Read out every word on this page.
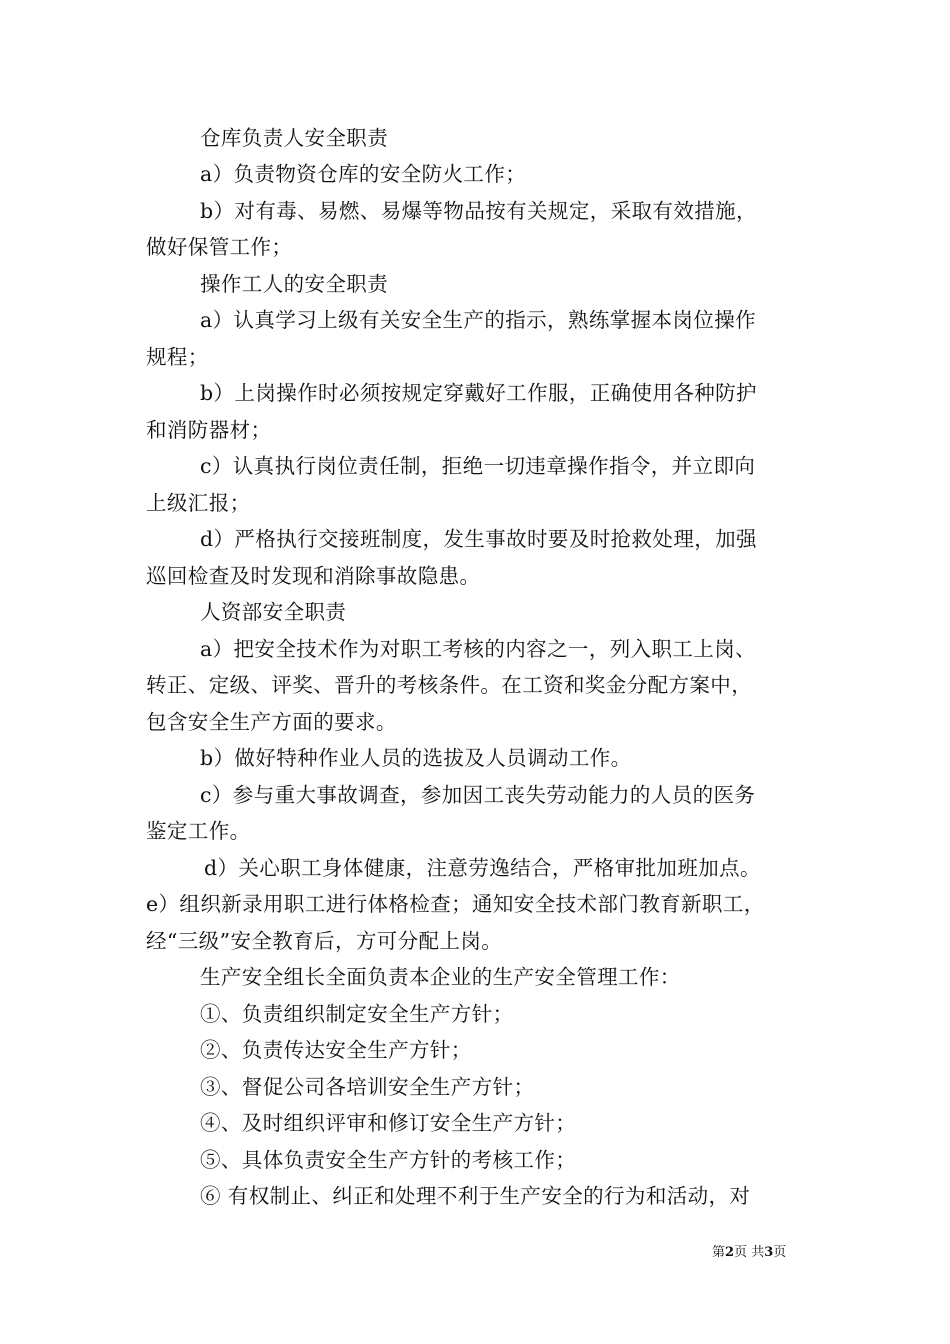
仓库负责人安全职责
a）负责物资仓库的安全防火工作；
b）对有毒、易燃、易爆等物品按有关规定，采取有效措施，
做好保管工作；
操作工人的安全职责
a）认真学习上级有关安全生产的指示，熟练掌握本岗位操作
规程；
b）上岗操作时必须按规定穿戴好工作服，正确使用各种防护
和消防器材；
c）认真执行岗位责任制，拒绝一切违章操作指令，并立即向
上级汇报；
d）严格执行交接班制度，发生事故时要及时抢救处理，加强
巡回检查及时发现和消除事故隐患。
人资部安全职责
a）把安全技术作为对职工考核的内容之一，列入职工上岗、
转正、定级、评奖、晋升的考核条件。在工资和奖金分配方案中，
包含安全生产方面的要求。
b）做好特种作业人员的选拔及人员调动工作。
c）参与重大事故调查，参加因工丧失劳动能力的人员的医务
鉴定工作。
d）关心职工身体健康，注意劳逸结合，严格审批加班加点。
e）组织新录用职工进行体格检查；通知安全技术部门教育新职工，
经“三级”安全教育后，方可分配上岗。
生产安全组长全面负责本企业的生产安全管理工作：
①、负责组织制定安全生产方针；
②、负责传达安全生产方针；
③、督促公司各培训安全生产方针；
④、及时组织评审和修订安全生产方针；
⑤、具体负责安全生产方针的考核工作；
⑥ 有权制止、纠正和处理不利于生产安全的行为和活动，对
第2页 共3页
